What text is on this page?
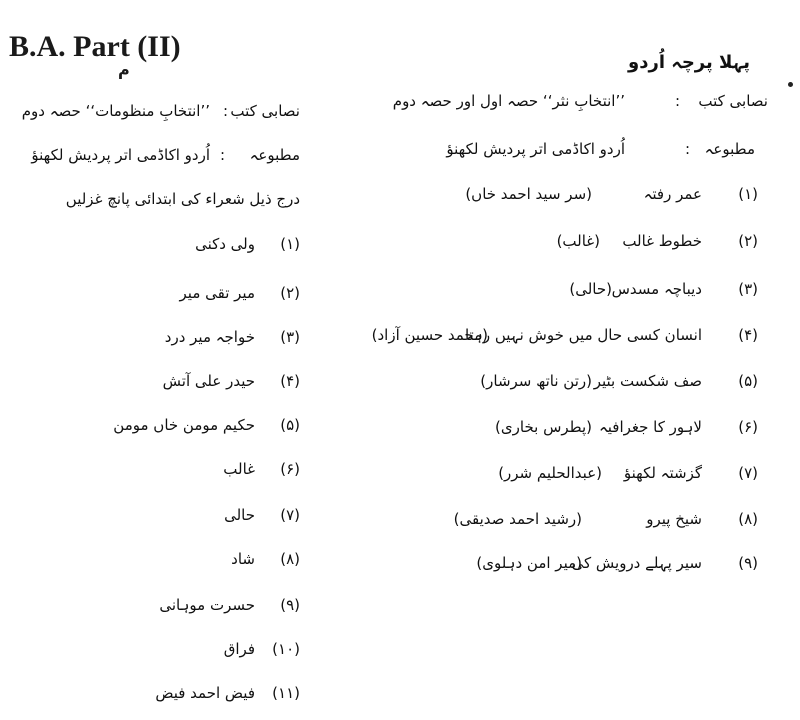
B.A. Part (II)
م	پہلا پرچہ اُردو
نصابی کتب
:
’’انتخابِ نثر‘‘ حصہ اول اور حصہ دوم
مطبوعہ
:
اُردو اکاڈمی اتر پردیش لکھنؤ
(۱)
عمر رفتہ
(سر سید احمد خاں)
(۲)
خطوط غالب
(غالب)
(۳)
دیباچہ مسدس
(حالی)
(۴)
انسان کسی حال میں خوش نہیں رہتا
(محمد حسین آزاد)
(۵)
صف شکست بٹیر
(رتن ناتھ سرشار)
(۶)
لاہور کا جغرافیہ
(پطرس بخاری)
(۷)
گزشتہ لکھنؤ
(عبدالحلیم شرر)
(۸)
شیخ پیرو
(رشید احمد صدیقی)
(۹)
سیر پہلے درویش کی
(میر امن دہلوی)
نصابی کتب
:
’’انتخابِ منظومات‘‘ حصہ دوم
مطبوعہ
:
اُردو اکاڈمی اتر پردیش لکھنؤ
درج ذیل شعراء کی ابتدائی پانچ غزلیں
(۱)
ولی دکنی
(۲)
میر تقی میر
(۳)
خواجہ میر درد
(۴)
حیدر علی آتش
(۵)
حکیم مومن خاں مومن
(۶)
غالب
(۷)
حالی
(۸)
شاد
(۹)
حسرت موہانی
(۱۰)
فراق
(۱۱)
فیض احمد فیض
